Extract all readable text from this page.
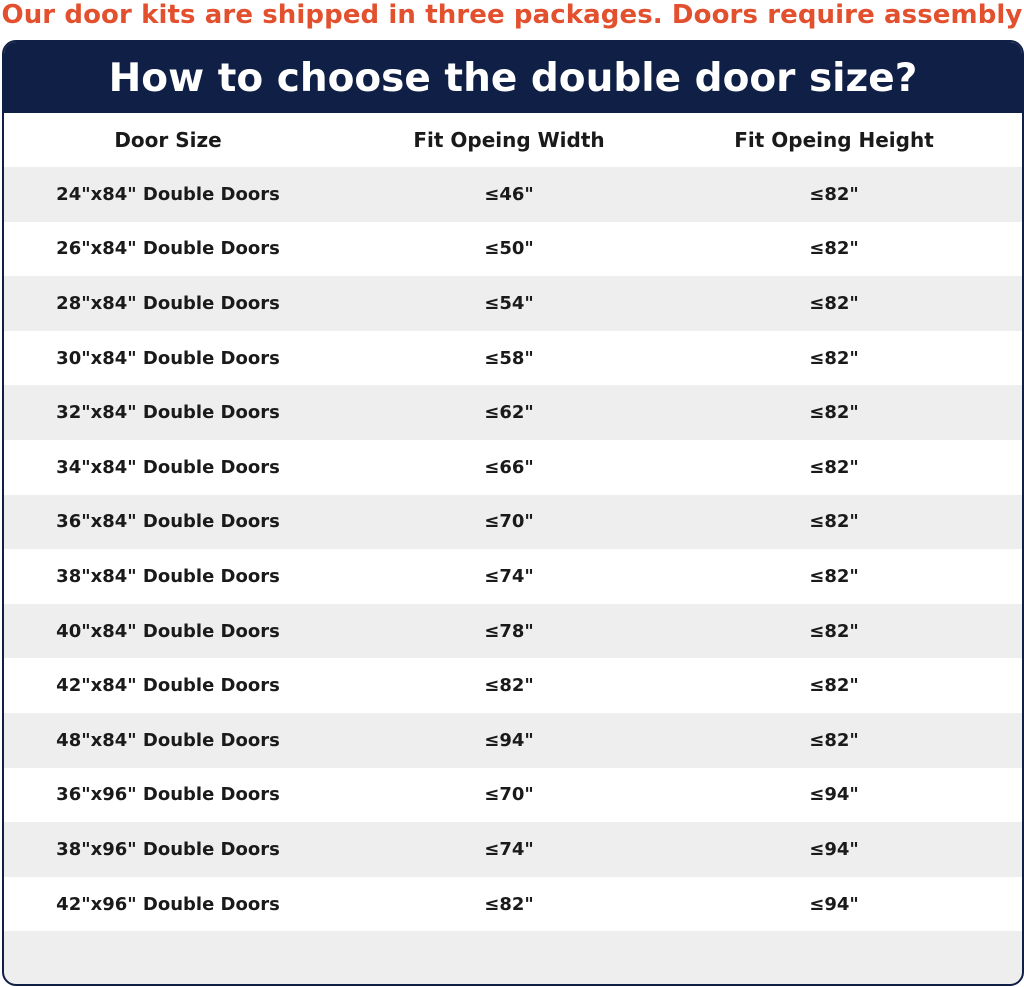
Our door kits are shipped in three packages. Doors require assembly
How to choose the double door size?
Door Size	Fit Opeing Width	Fit Opeing Height
24"x84" Double Doors	≤46"	≤82"
26"x84" Double Doors	≤50"	≤82"
28"x84" Double Doors	≤54"	≤82"
30"x84" Double Doors	≤58"	≤82"
32"x84" Double Doors	≤62"	≤82"
34"x84" Double Doors	≤66"	≤82"
36"x84" Double Doors	≤70"	≤82"
38"x84" Double Doors	≤74"	≤82"
40"x84" Double Doors	≤78"	≤82"
42"x84" Double Doors	≤82"	≤82"
48"x84" Double Doors	≤94"	≤82"
36"x96" Double Doors	≤70"	≤94"
38"x96" Double Doors	≤74"	≤94"
42"x96" Double Doors	≤82"	≤94"
